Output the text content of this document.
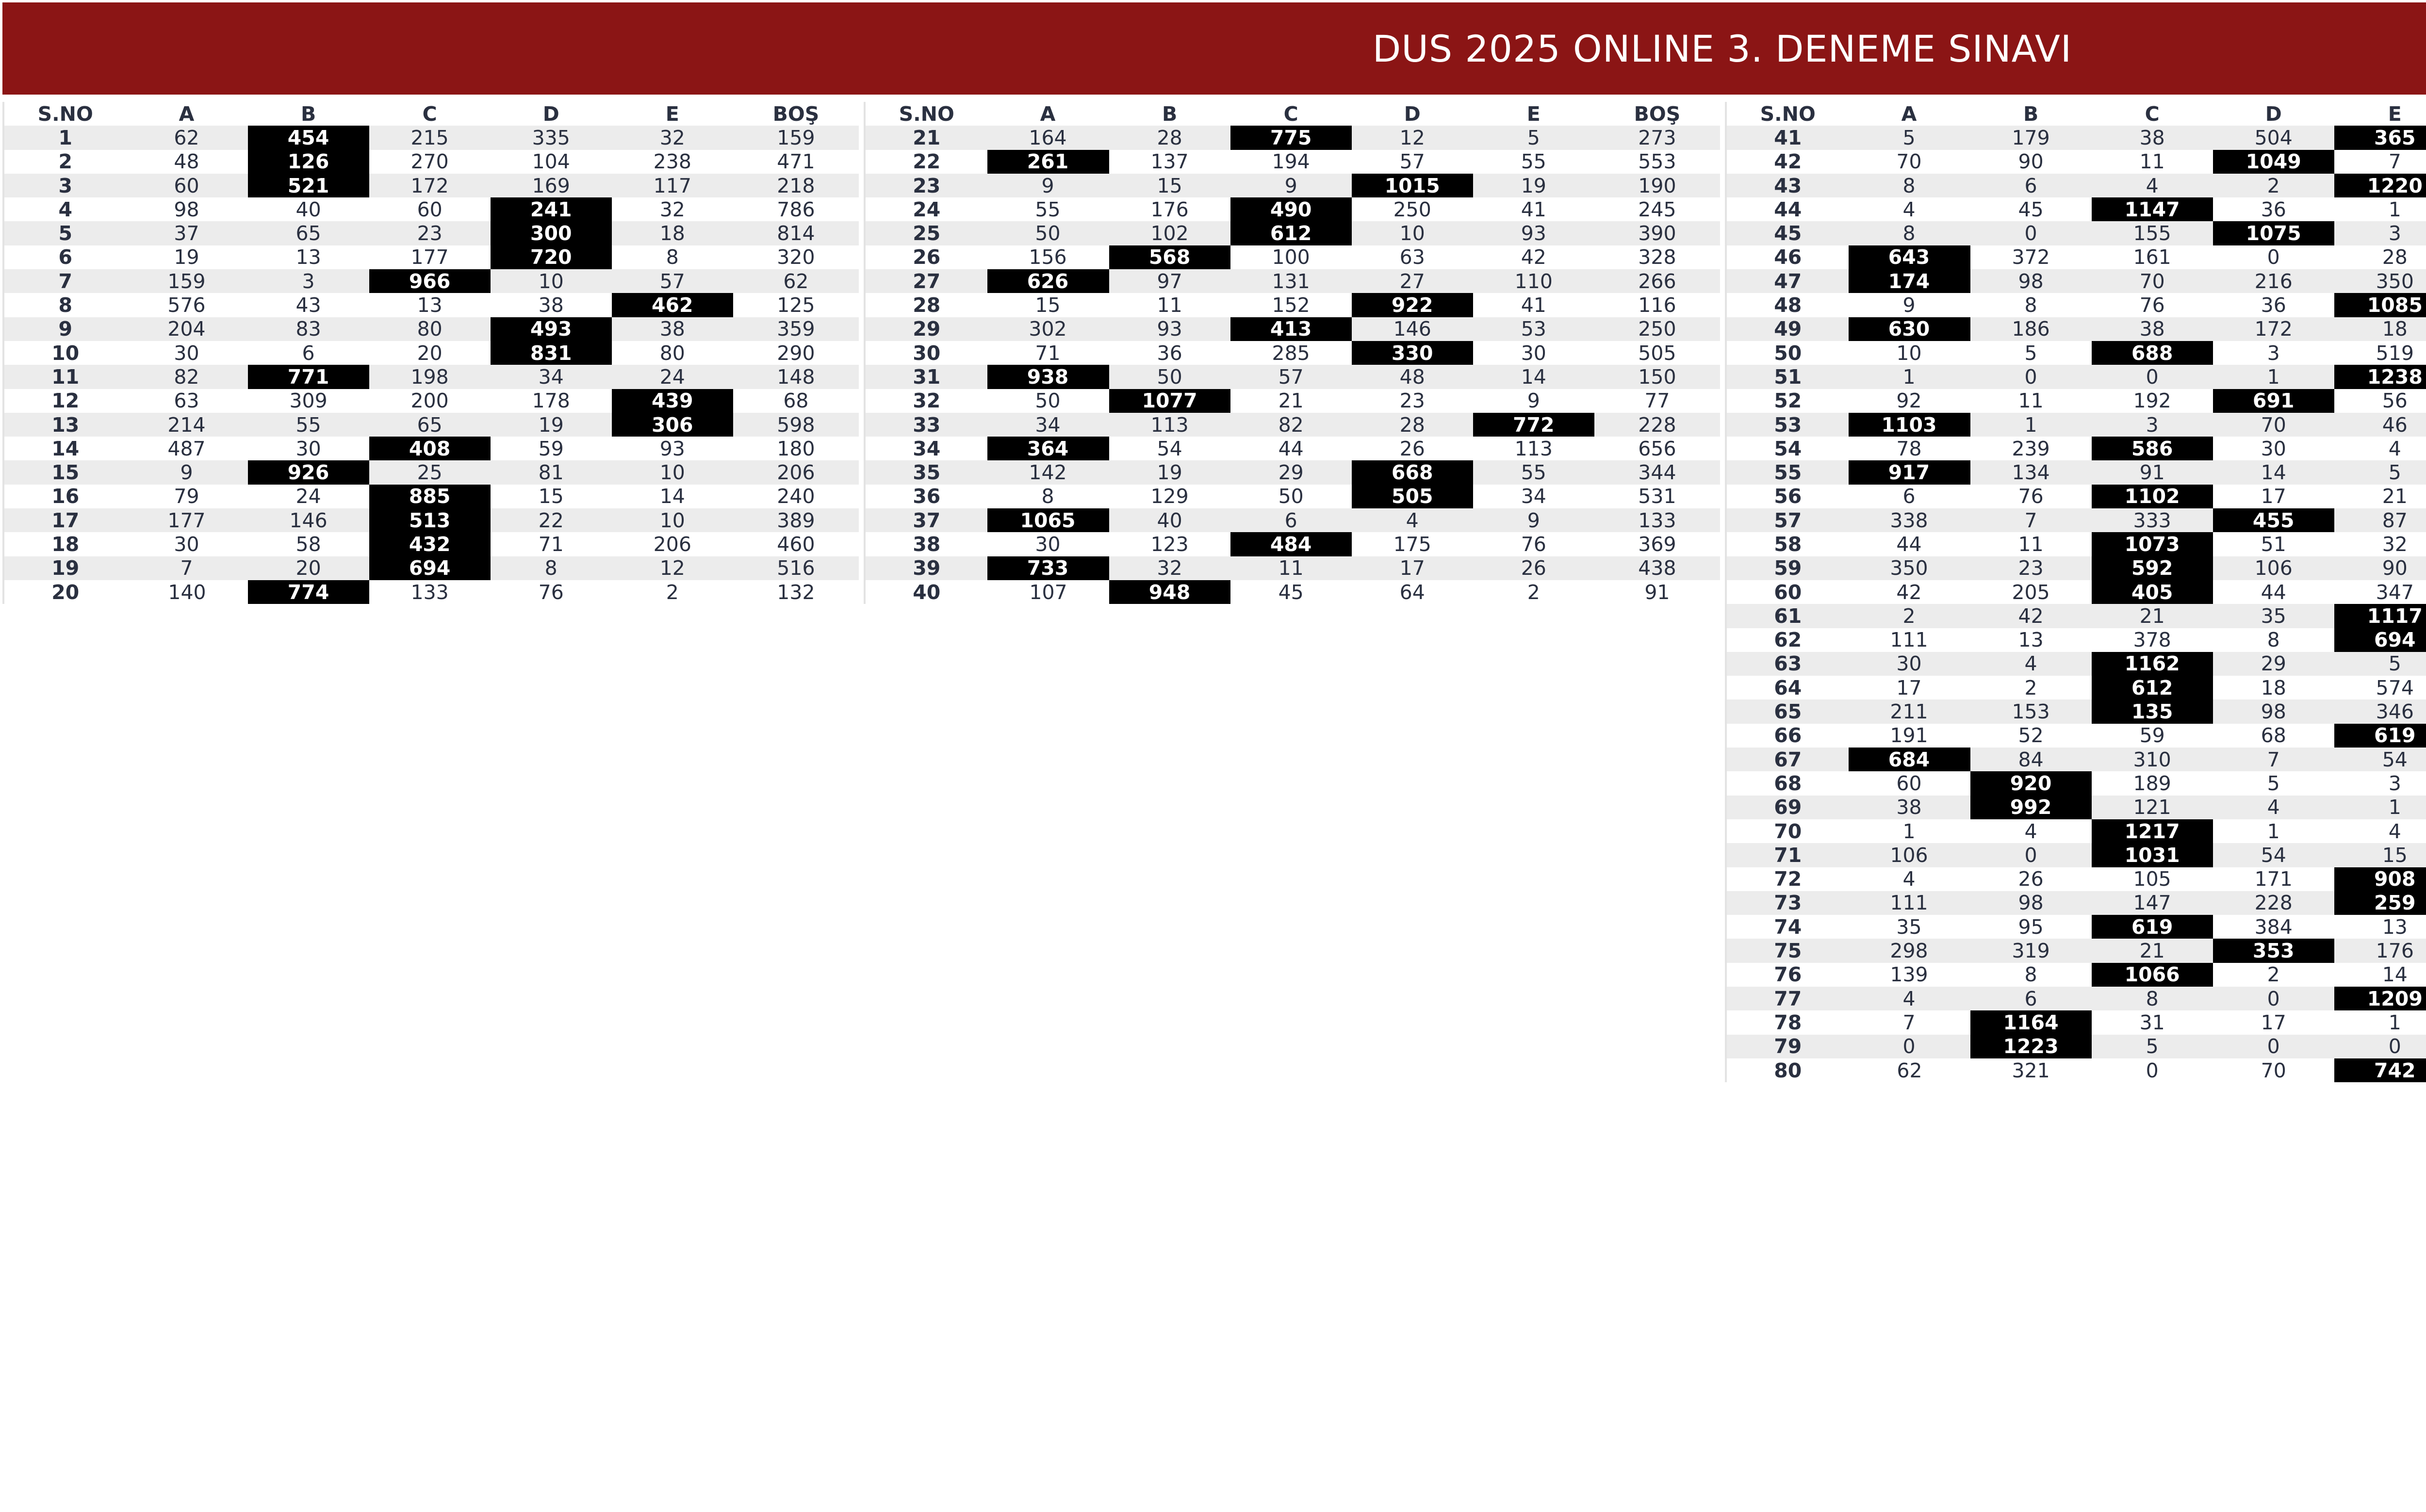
DUS 2025 ONLINE 3. DENEME SINAVI
S.NO	A	B	C	D	E	BOŞ
1	62	454	215	335	32	159
2	48	126	270	104	238	471
3	60	521	172	169	117	218
4	98	40	60	241	32	786
5	37	65	23	300	18	814
6	19	13	177	720	8	320
7	159	3	966	10	57	62
8	576	43	13	38	462	125
9	204	83	80	493	38	359
10	30	6	20	831	80	290
11	82	771	198	34	24	148
12	63	309	200	178	439	68
13	214	55	65	19	306	598
14	487	30	408	59	93	180
15	9	926	25	81	10	206
16	79	24	885	15	14	240
17	177	146	513	22	10	389
18	30	58	432	71	206	460
19	7	20	694	8	12	516
20	140	774	133	76	2	132
S.NO	A	B	C	D	E	BOŞ
21	164	28	775	12	5	273
22	261	137	194	57	55	553
23	9	15	9	1015	19	190
24	55	176	490	250	41	245
25	50	102	612	10	93	390
26	156	568	100	63	42	328
27	626	97	131	27	110	266
28	15	11	152	922	41	116
29	302	93	413	146	53	250
30	71	36	285	330	30	505
31	938	50	57	48	14	150
32	50	1077	21	23	9	77
33	34	113	82	28	772	228
34	364	54	44	26	113	656
35	142	19	29	668	55	344
36	8	129	50	505	34	531
37	1065	40	6	4	9	133
38	30	123	484	175	76	369
39	733	32	11	17	26	438
40	107	948	45	64	2	91
S.NO	A	B	C	D	E	
41	5	179	38	504	365	
42	70	90	11	1049	7	
43	8	6	4	2	1220	
44	4	45	1147	36	1	
45	8	0	155	1075	3	
46	643	372	161	0	28	
47	174	98	70	216	350	
48	9	8	76	36	1085	
49	630	186	38	172	18	
50	10	5	688	3	519	
51	1	0	0	1	1238	
52	92	11	192	691	56	
53	1103	1	3	70	46	
54	78	239	586	30	4	
55	917	134	91	14	5	
56	6	76	1102	17	21	
57	338	7	333	455	87	
58	44	11	1073	51	32	
59	350	23	592	106	90	
60	42	205	405	44	347	
61	2	42	21	35	1117	
62	111	13	378	8	694	
63	30	4	1162	29	5	
64	17	2	612	18	574	
65	211	153	135	98	346	
66	191	52	59	68	619	
67	684	84	310	7	54	
68	60	920	189	5	3	
69	38	992	121	4	1	
70	1	4	1217	1	4	
71	106	0	1031	54	15	
72	4	26	105	171	908	
73	111	98	147	228	259	
74	35	95	619	384	13	
75	298	319	21	353	176	
76	139	8	1066	2	14	
77	4	6	8	0	1209	
78	7	1164	31	17	1	
79	0	1223	5	0	0	
80	62	321	0	70	742	
